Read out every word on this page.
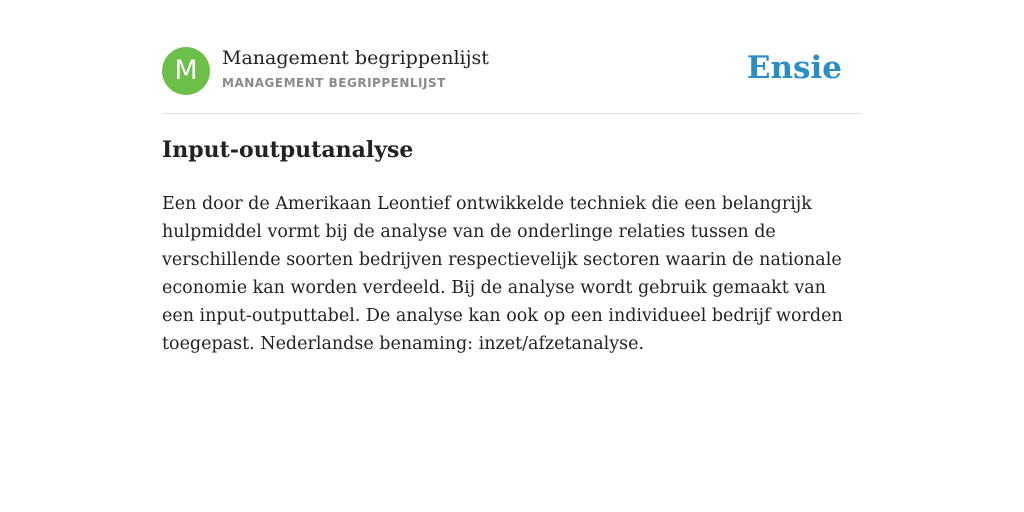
M	Management begrippenlijst
MANAGEMENT BEGRIPPENLIJST	Ensie
Input-outputanalyse

Een door de Amerikaan Leontief ontwikkelde techniek die een belangrijk hulpmiddel vormt bij de analyse van de onderlinge relaties tussen de verschillende soorten bedrijven respectievelijk sectoren waarin de nationale economie kan worden verdeeld. Bij de analyse wordt gebruik gemaakt van een input-outputtabel. De analyse kan ook op een individueel bedrijf worden toegepast. Nederlandse benaming: inzet/afzetanalyse.
